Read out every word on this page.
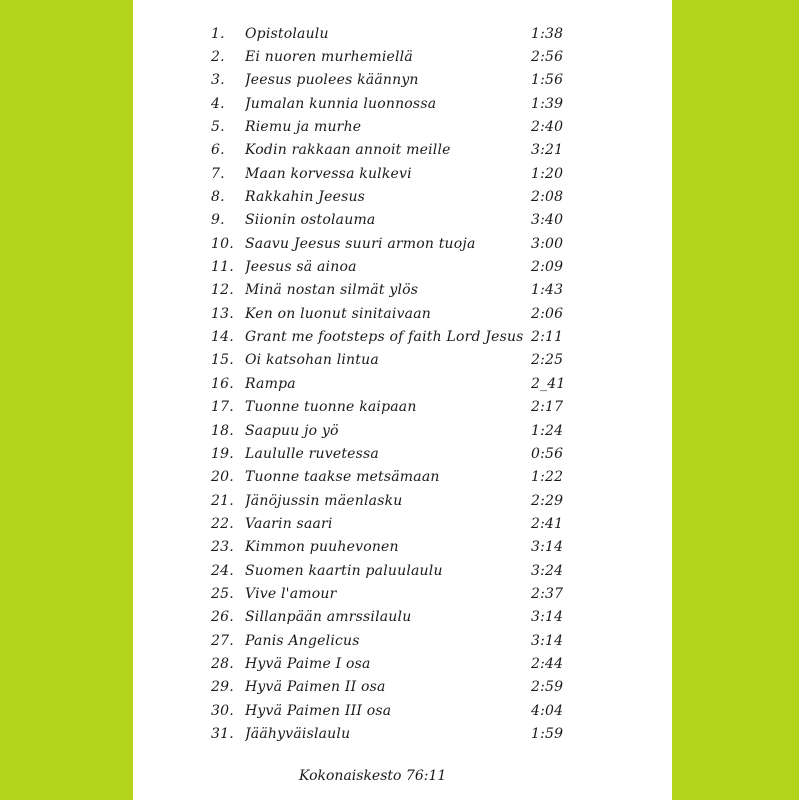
1.	Opistolaulu	1:38
2.	Ei nuoren murhemiellä	2:56
3.	Jeesus puolees käännyn	1:56
4.	Jumalan kunnia luonnossa	1:39
5.	Riemu ja murhe	2:40
6.	Kodin rakkaan annoit meille	3:21
7.	Maan korvessa kulkevi	1:20
8.	Rakkahin Jeesus	2:08
9.	Siionin ostolauma	3:40
10. Saavu Jeesus suuri armon tuoja	3:00
11. Jeesus sä ainoa	2:09
12. Minä nostan silmät ylös	1:43
13. Ken on luonut sinitaivaan	2:06
14. Grant me footsteps of faith Lord Jesus 2:11
15. Oi katsohan lintua	2:25
16. Rampa	2_41
17. Tuonne tuonne kaipaan	2:17
18. Saapuu jo yö	1:24
19. Laululle ruvetessa	0:56
20. Tuonne taakse metsämaan	1:22
21. Jänöjussin mäenlasku	2:29
22. Vaarin saari	2:41
23. Kimmon puuhevonen	3:14
24. Suomen kaartin paluulaulu	3:24
25. Vive l'amour	2:37
26. Sillanpään amrssilaulu	3:14
27. Panis Angelicus	3:14
28. Hyvä Paime I osa	2:44
29. Hyvä Paimen II osa	2:59
30. Hyvä Paimen III osa	4:04
31. Jäähyväislaulu	1:59
Kokonaiskesto 76:11
